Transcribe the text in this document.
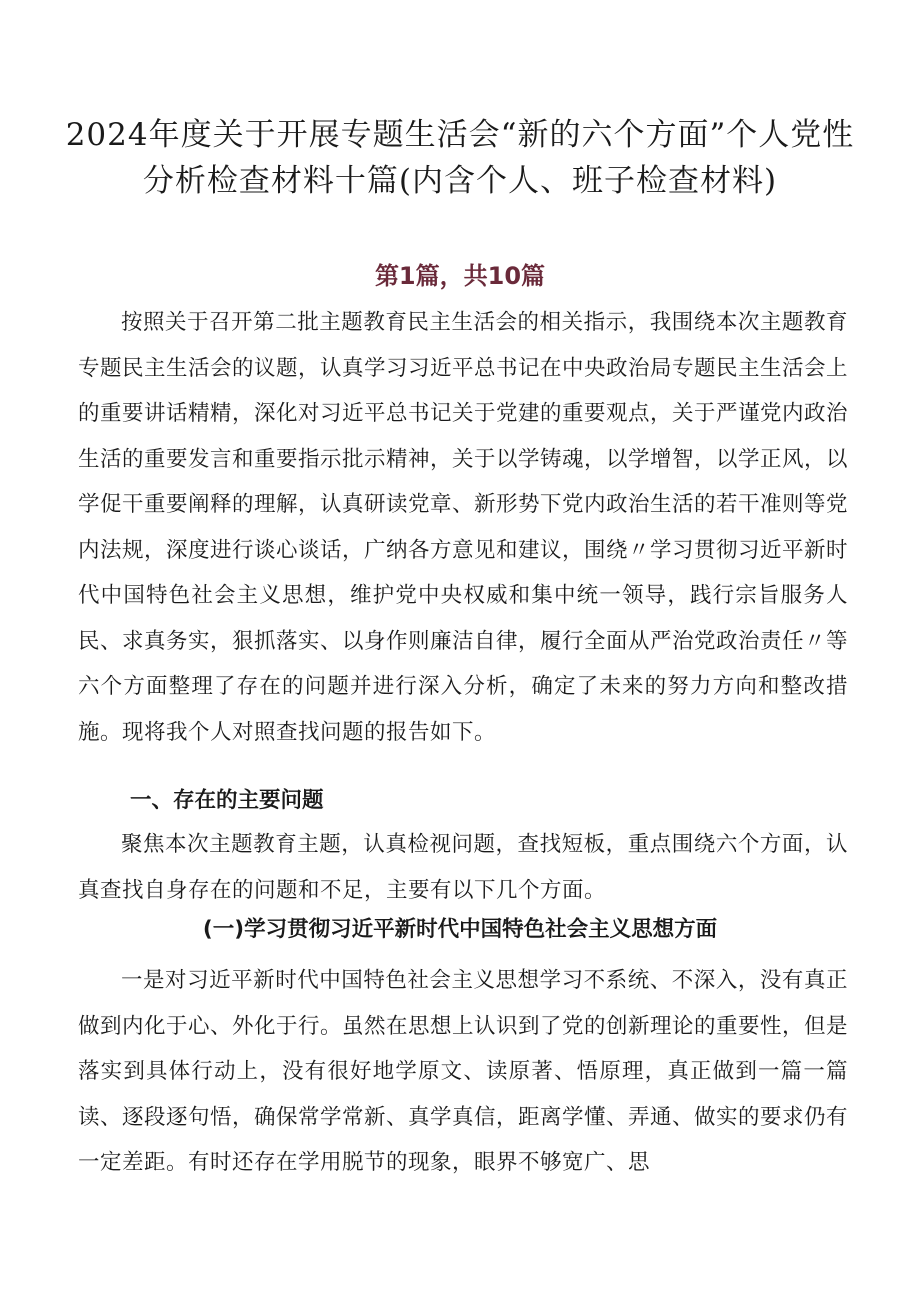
2024年度关于开展专题生活会“新的六个方面”个人党性
分析检查材料十篇(内含个人、班子检查材料)
第1篇，共10篇

按照关于召开第二批主题教育民主生活会的相关指示，我围绕本次主题教育专题民主生活会的议题，认真学习习近平总书记在中央政治局专题民主生活会上的重要讲话精精，深化对习近平总书记关于党建的重要观点，关于严谨党内政治生活的重要发言和重要指示批示精神，关于以学铸魂，以学增智，以学正风，以学促干重要阐释的理解，认真研读党章、新形势下党内政治生活的若干准则等党内法规，深度进行谈心谈话，广纳各方意见和建议，围绕〃学习贯彻习近平新时代中国特色社会主义思想，维护党中央权威和集中统一领导，践行宗旨服务人民、求真务实，狠抓落实、以身作则廉洁自律，履行全面从严治党政治责任〃等六个方面整理了存在的问题并进行深入分析，确定了未来的努力方向和整改措施。现将我个人对照查找问题的报告如下。

一、存在的主要问题

聚焦本次主题教育主题，认真检视问题，查找短板，重点围绕六个方面，认真查找自身存在的问题和不足，主要有以下几个方面。

(一)学习贯彻习近平新时代中国特色社会主义思想方面

一是对习近平新时代中国特色社会主义思想学习不系统、不深入，没有真正做到内化于心、外化于行。虽然在思想上认识到了党的创新理论的重要性，但是落实到具体行动上，没有很好地学原文、读原著、悟原理，真正做到一篇一篇读、逐段逐句悟，确保常学常新、真学真信，距离学懂、弄通、做实的要求仍有一定差距。有时还存在学用脱节的现象，眼界不够宽广、思
